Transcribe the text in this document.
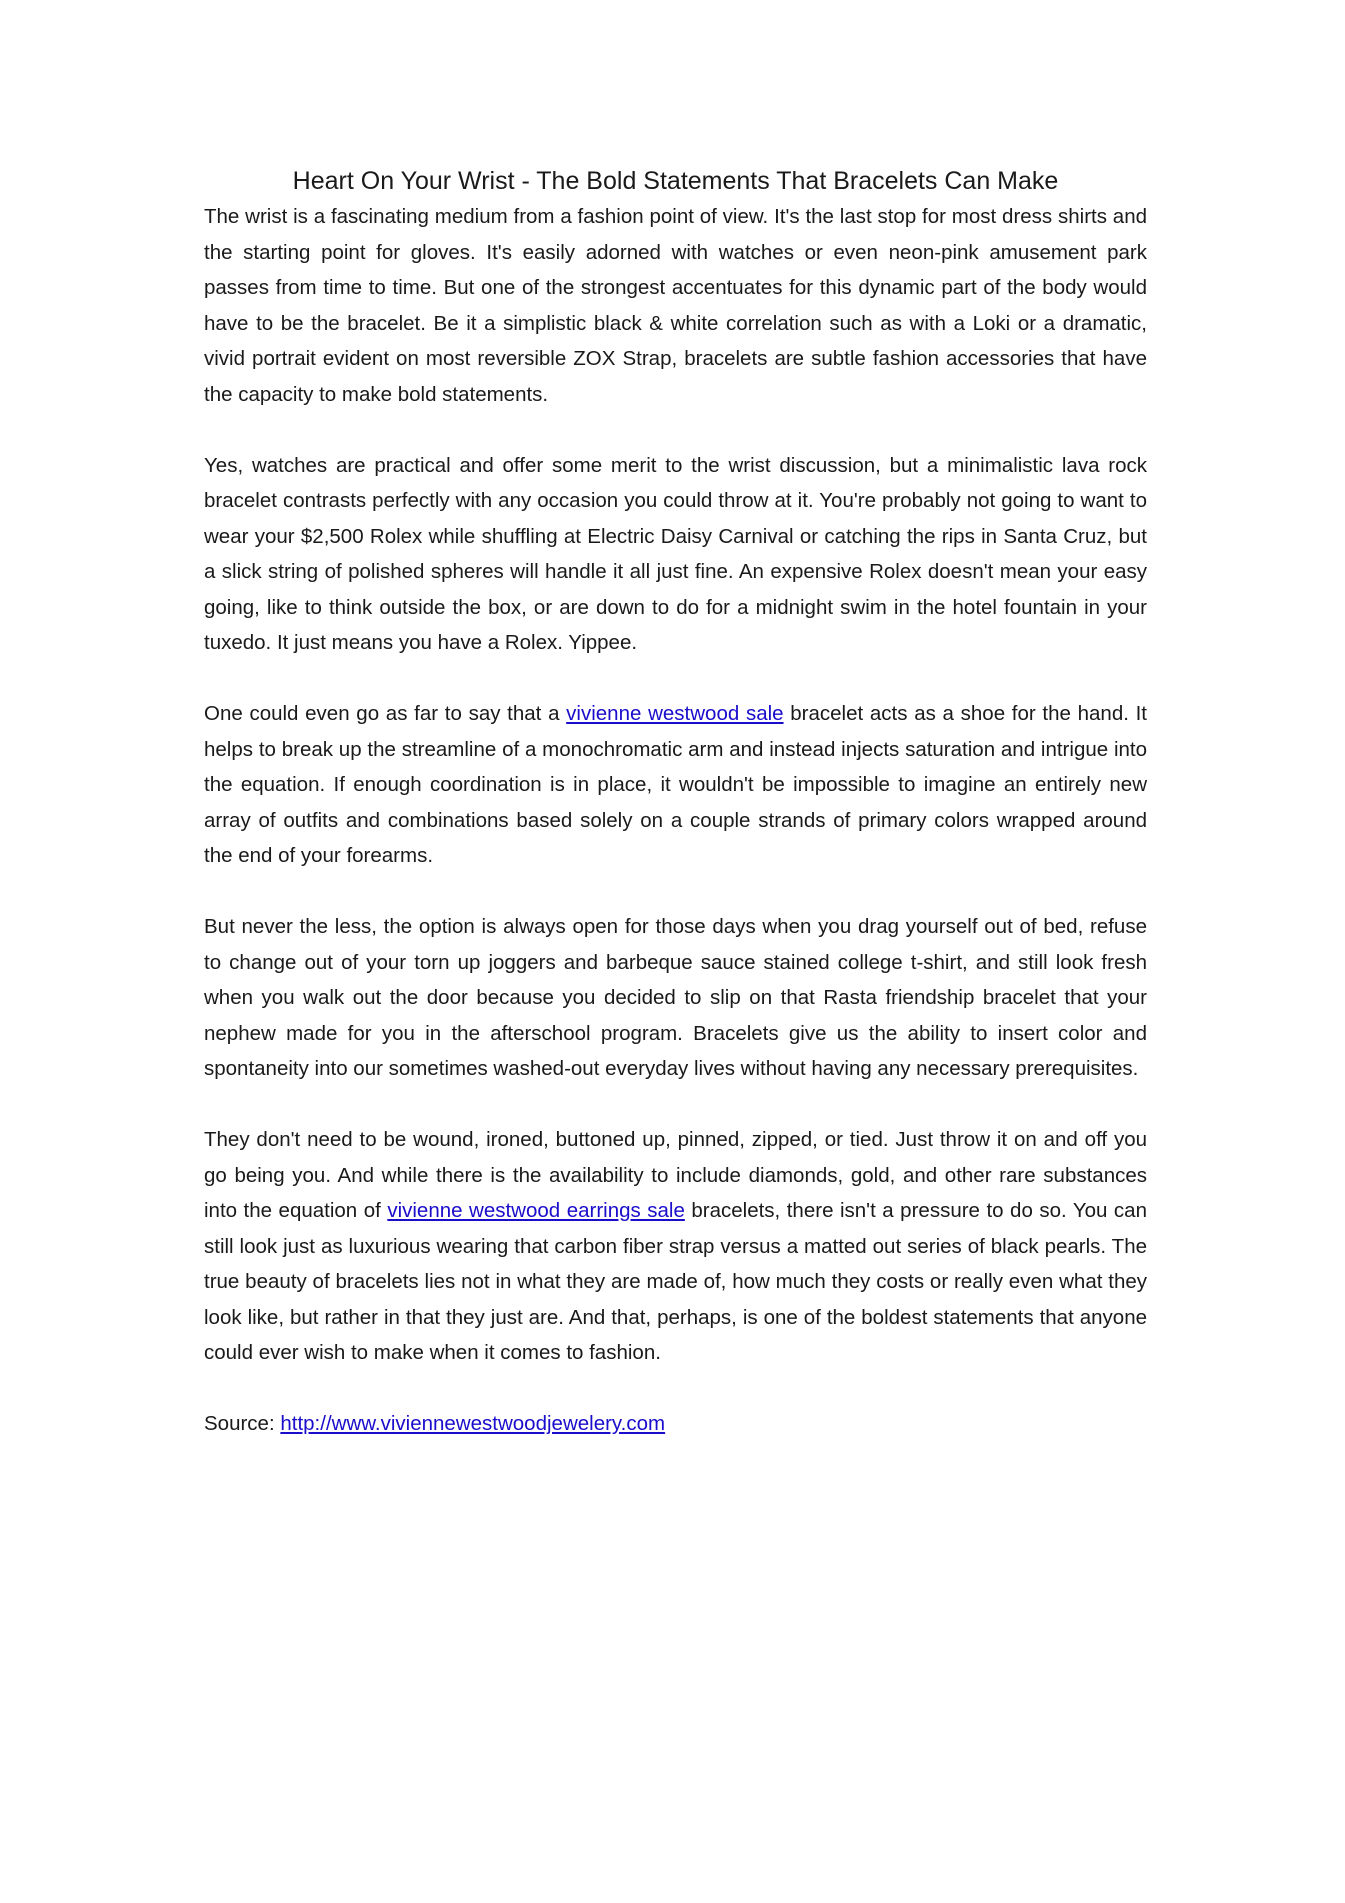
Heart On Your Wrist - The Bold Statements That Bracelets Can Make

The wrist is a fascinating medium from a fashion point of view. It's the last stop for most dress shirts and the starting point for gloves. It's easily adorned with watches or even neon-pink amusement park passes from time to time. But one of the strongest accentuates for this dynamic part of the body would have to be the bracelet. Be it a simplistic black & white correlation such as with a Loki or a dramatic, vivid portrait evident on most reversible ZOX Strap, bracelets are subtle fashion accessories that have the capacity to make bold statements.

Yes, watches are practical and offer some merit to the wrist discussion, but a minimalistic lava rock bracelet contrasts perfectly with any occasion you could throw at it. You're probably not going to want to wear your $2,500 Rolex while shuffling at Electric Daisy Carnival or catching the rips in Santa Cruz, but a slick string of polished spheres will handle it all just fine. An expensive Rolex doesn't mean your easy going, like to think outside the box, or are down to do for a midnight swim in the hotel fountain in your tuxedo. It just means you have a Rolex. Yippee.

One could even go as far to say that a vivienne westwood sale bracelet acts as a shoe for the hand. It helps to break up the streamline of a monochromatic arm and instead injects saturation and intrigue into the equation. If enough coordination is in place, it wouldn't be impossible to imagine an entirely new array of outfits and combinations based solely on a couple strands of primary colors wrapped around the end of your forearms.

But never the less, the option is always open for those days when you drag yourself out of bed, refuse to change out of your torn up joggers and barbeque sauce stained college t-shirt, and still look fresh when you walk out the door because you decided to slip on that Rasta friendship bracelet that your nephew made for you in the afterschool program. Bracelets give us the ability to insert color and spontaneity into our sometimes washed-out everyday lives without having any necessary prerequisites.

They don't need to be wound, ironed, buttoned up, pinned, zipped, or tied. Just throw it on and off you go being you. And while there is the availability to include diamonds, gold, and other rare substances into the equation of vivienne westwood earrings sale bracelets, there isn't a pressure to do so. You can still look just as luxurious wearing that carbon fiber strap versus a matted out series of black pearls. The true beauty of bracelets lies not in what they are made of, how much they costs or really even what they look like, but rather in that they just are. And that, perhaps, is one of the boldest statements that anyone could ever wish to make when it comes to fashion.

Source: http://www.viviennewestwoodjewelery.com
